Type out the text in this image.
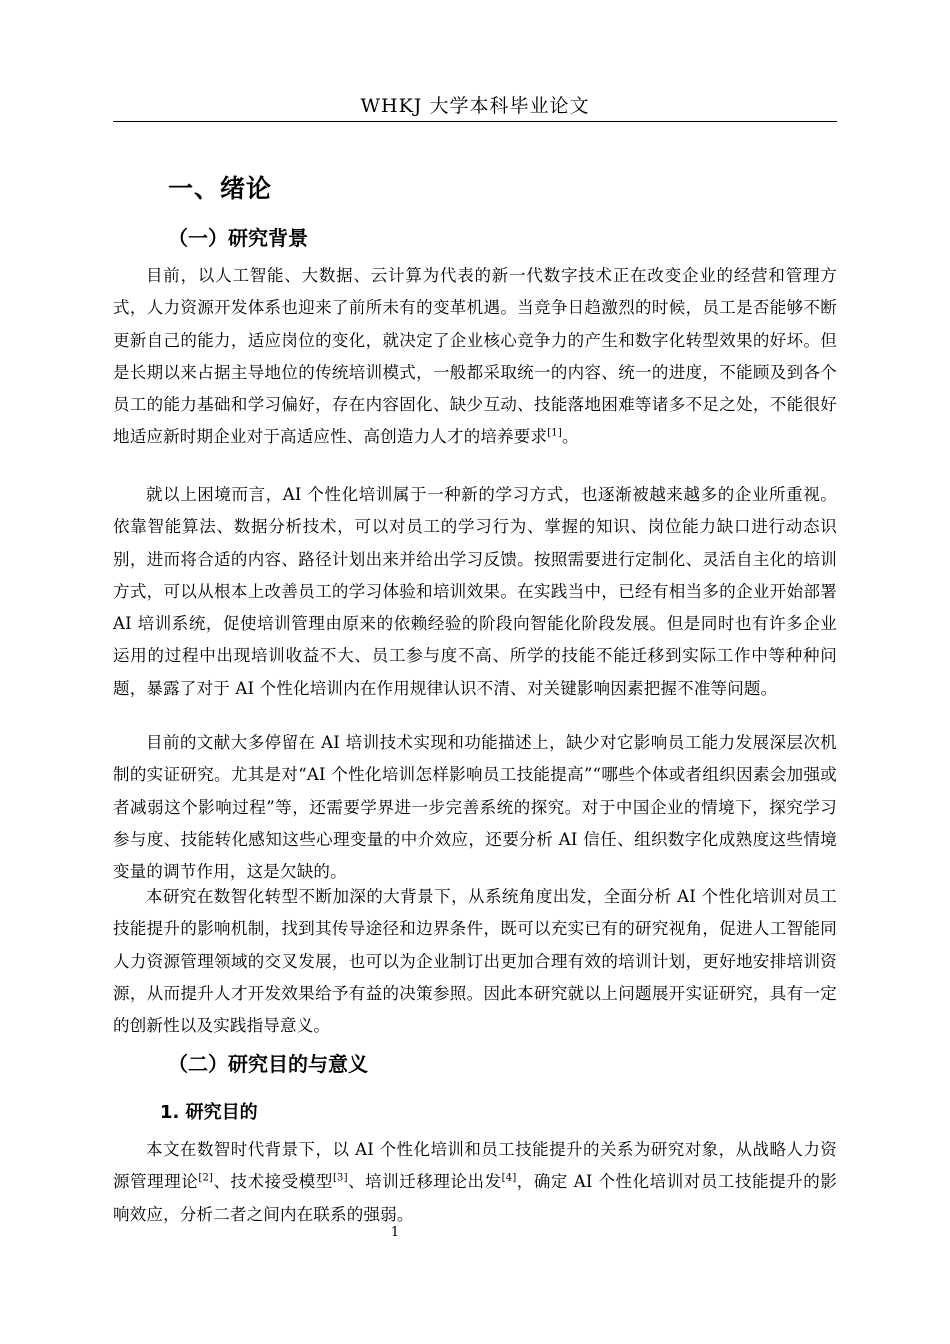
WHKJ 大学本科毕业论文
一、绪论
（一）研究背景

目前，以人工智能、大数据、云计算为代表的新一代数字技术正在改变企业的经营和管理方式，人力资源开发体系也迎来了前所未有的变革机遇。当竞争日趋激烈的时候，员工是否能够不断更新自己的能力，适应岗位的变化，就决定了企业核心竞争力的产生和数字化转型效果的好坏。但是长期以来占据主导地位的传统培训模式，一般都采取统一的内容、统一的进度，不能顾及到各个员工的能力基础和学习偏好，存在内容固化、缺少互动、技能落地困难等诸多不足之处，不能很好地适应新时期企业对于高适应性、高创造力人才的培养要求[1]。

就以上困境而言，AI 个性化培训属于一种新的学习方式，也逐渐被越来越多的企业所重视。依靠智能算法、数据分析技术，可以对员工的学习行为、掌握的知识、岗位能力缺口进行动态识别，进而将合适的内容、路径计划出来并给出学习反馈。按照需要进行定制化、灵活自主化的培训方式，可以从根本上改善员工的学习体验和培训效果。在实践当中，已经有相当多的企业开始部署 AI 培训系统，促使培训管理由原来的依赖经验的阶段向智能化阶段发展。但是同时也有许多企业运用的过程中出现培训收益不大、员工参与度不高、所学的技能不能迁移到实际工作中等种种问题，暴露了对于 AI 个性化培训内在作用规律认识不清、对关键影响因素把握不准等问题。

目前的文献大多停留在 AI 培训技术实现和功能描述上，缺少对它影响员工能力发展深层次机制的实证研究。尤其是对“AI 个性化培训怎样影响员工技能提高”“哪些个体或者组织因素会加强或者减弱这个影响过程”等，还需要学界进一步完善系统的探究。对于中国企业的情境下，探究学习参与度、技能转化感知这些心理变量的中介效应，还要分析 AI 信任、组织数字化成熟度这些情境变量的调节作用，这是欠缺的。

本研究在数智化转型不断加深的大背景下，从系统角度出发，全面分析 AI 个性化培训对员工技能提升的影响机制，找到其传导途径和边界条件，既可以充实已有的研究视角，促进人工智能同人力资源管理领域的交叉发展，也可以为企业制订出更加合理有效的培训计划，更好地安排培训资源，从而提升人才开发效果给予有益的决策参照。因此本研究就以上问题展开实证研究，具有一定的创新性以及实践指导意义。

（二）研究目的与意义
1. 研究目的

本文在数智时代背景下，以 AI 个性化培训和员工技能提升的关系为研究对象，从战略人力资源管理理论[2]、技术接受模型[3]、培训迁移理论出发[4]，确定 AI 个性化培训对员工技能提升的影响效应，分析二者之间内在联系的强弱。

1
